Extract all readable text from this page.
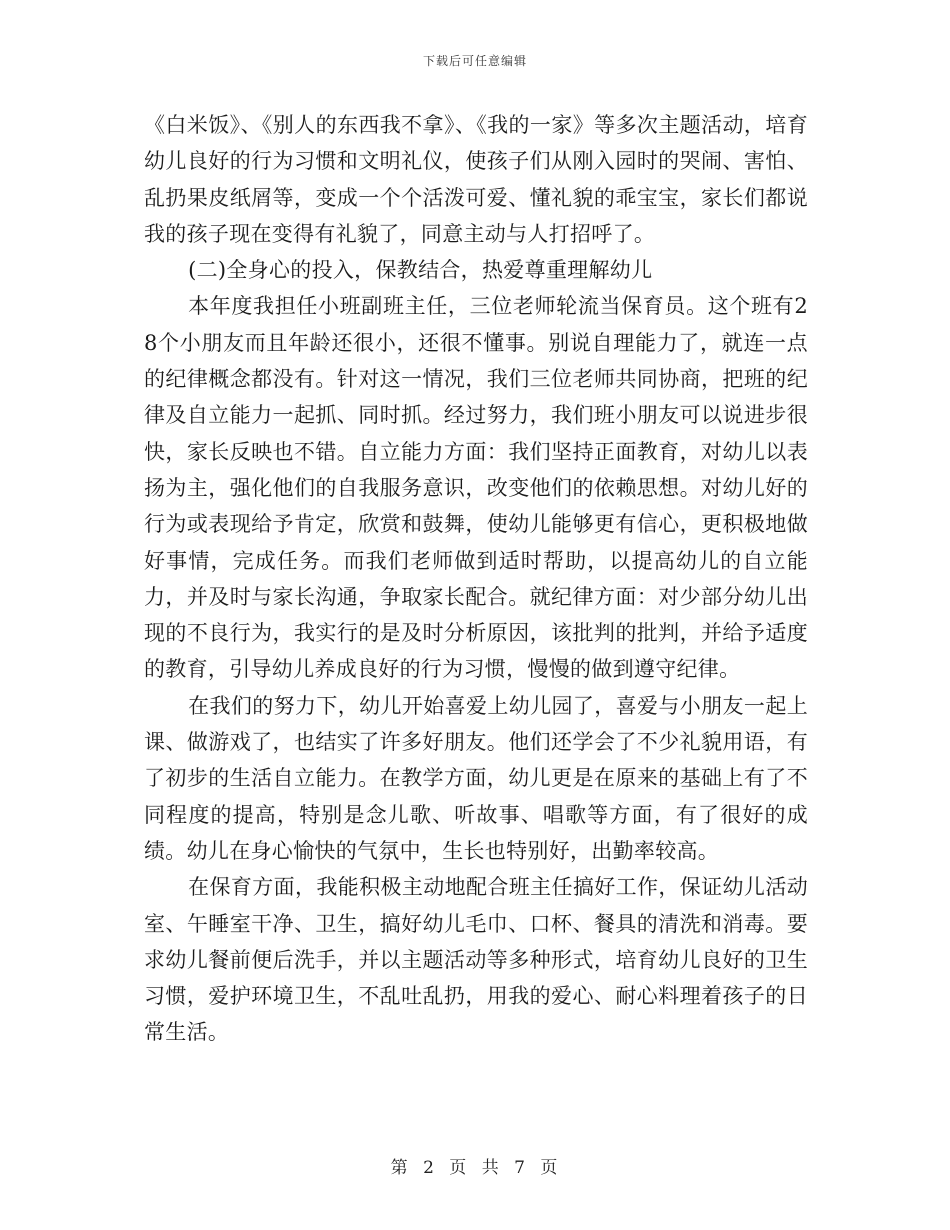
下载后可任意编辑

《白米饭》、《别人的东西我不拿》、《我的一家》等多次主题活动，培育幼儿良好的行为习惯和文明礼仪，使孩子们从刚入园时的哭闹、害怕、乱扔果皮纸屑等，变成一个个活泼可爱、懂礼貌的乖宝宝，家长们都说我的孩子现在变得有礼貌了，同意主动与人打招呼了。

(二)全身心的投入，保教结合，热爱尊重理解幼儿

本年度我担任小班副班主任，三位老师轮流当保育员。这个班有28个小朋友而且年龄还很小，还很不懂事。别说自理能力了，就连一点的纪律概念都没有。针对这一情况，我们三位老师共同协商，把班的纪律及自立能力一起抓、同时抓。经过努力，我们班小朋友可以说进步很快，家长反映也不错。自立能力方面：我们坚持正面教育，对幼儿以表扬为主，强化他们的自我服务意识，改变他们的依赖思想。对幼儿好的行为或表现给予肯定，欣赏和鼓舞，使幼儿能够更有信心，更积极地做好事情，完成任务。而我们老师做到适时帮助，以提高幼儿的自立能力，并及时与家长沟通，争取家长配合。就纪律方面：对少部分幼儿出现的不良行为，我实行的是及时分析原因，该批判的批判，并给予适度的教育，引导幼儿养成良好的行为习惯，慢慢的做到遵守纪律。

在我们的努力下，幼儿开始喜爱上幼儿园了，喜爱与小朋友一起上课、做游戏了，也结实了许多好朋友。他们还学会了不少礼貌用语，有了初步的生活自立能力。在教学方面，幼儿更是在原来的基础上有了不同程度的提高，特别是念儿歌、听故事、唱歌等方面，有了很好的成绩。幼儿在身心愉快的气氛中，生长也特别好，出勤率较高。

在保育方面，我能积极主动地配合班主任搞好工作，保证幼儿活动室、午睡室干净、卫生，搞好幼儿毛巾、口杯、餐具的清洗和消毒。要求幼儿餐前便后洗手，并以主题活动等多种形式，培育幼儿良好的卫生习惯，爱护环境卫生，不乱吐乱扔，用我的爱心、耐心料理着孩子的日常生活。

第 2 页 共 7 页
